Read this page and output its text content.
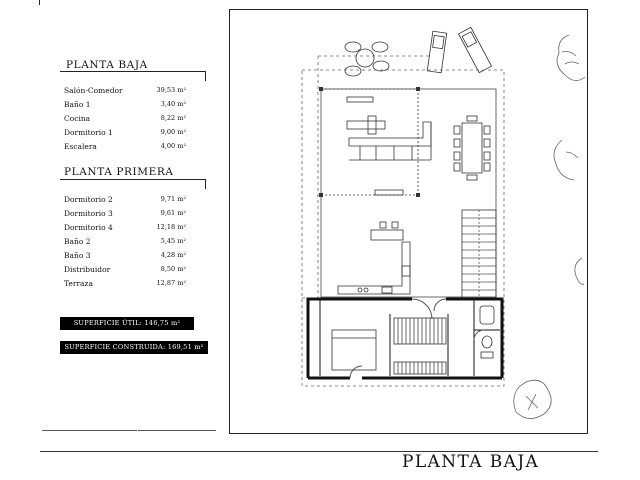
PLANTA BAJA
Salón-Comedor	39,53 m²
Baño 1	3,40 m²
Cocina	8,22 m²
Dormitorio 1	9,00 m²
Escalera	4,00 m²
PLANTA PRIMERA
Dormitorio 2	9,71 m²
Dormitorio 3	9,61 m²
Dormitorio 4	12,18 m²
Baño 2	5,45 m²
Baño 3	4,28 m²
Distribuidor	8,50 m²
Terraza	12,87 m²
SUPERFICIE ÚTIL: 146,75 m²
SUPERFICIE CONSTRUIDA: 169,51 m²
PLANTA BAJA
